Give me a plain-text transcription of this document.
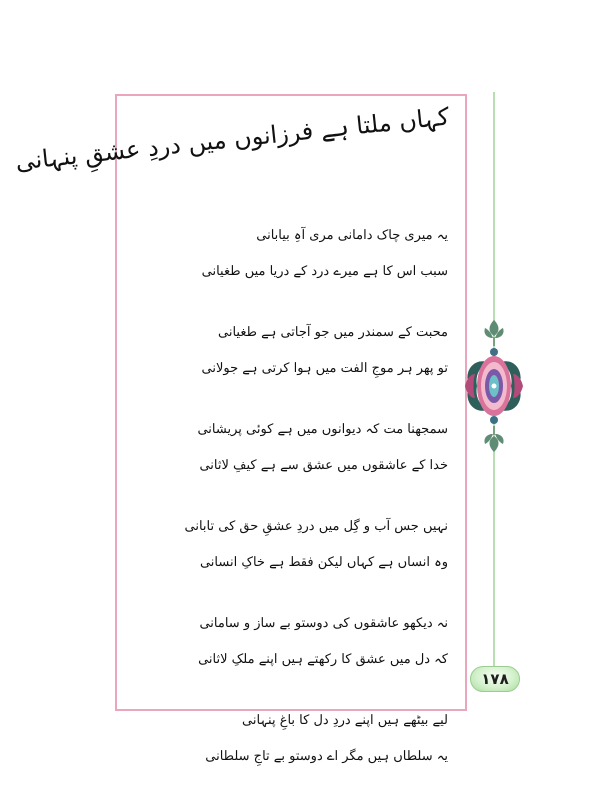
کہاں ملتا ہے فرزانوں میں دردِ عشقِ پنہانی
یہ میری چاک دامانی مری آہِ بیابانی
سبب اس کا ہے میرے درد کے دریا میں طغیانی
محبت کے سمندر میں جو آجاتی ہے طغیانی
تو پھر ہر موجِ الفت میں ہوا کرتی ہے جولانی
سمجھنا مت کہ دیوانوں میں ہے کوئی پریشانی
خدا کے عاشقوں میں عشق سے ہے کیفِ لاثانی
نہیں جس آب و گِل میں دردِ عشقِ حق کی تابانی
وہ انساں ہے کہاں لیکن فقط ہے خاکِ انسانی
نہ دیکھو عاشقوں کی دوستو بے ساز و سامانی
کہ دل میں عشق کا رکھتے ہیں اپنے ملکِ لاثانی
لیے بیٹھے ہیں اپنے دردِ دل کا باغِ پنہانی
یہ سلطاں ہیں مگر اے دوستو بے تاجِ سلطانی
۱۷۸
